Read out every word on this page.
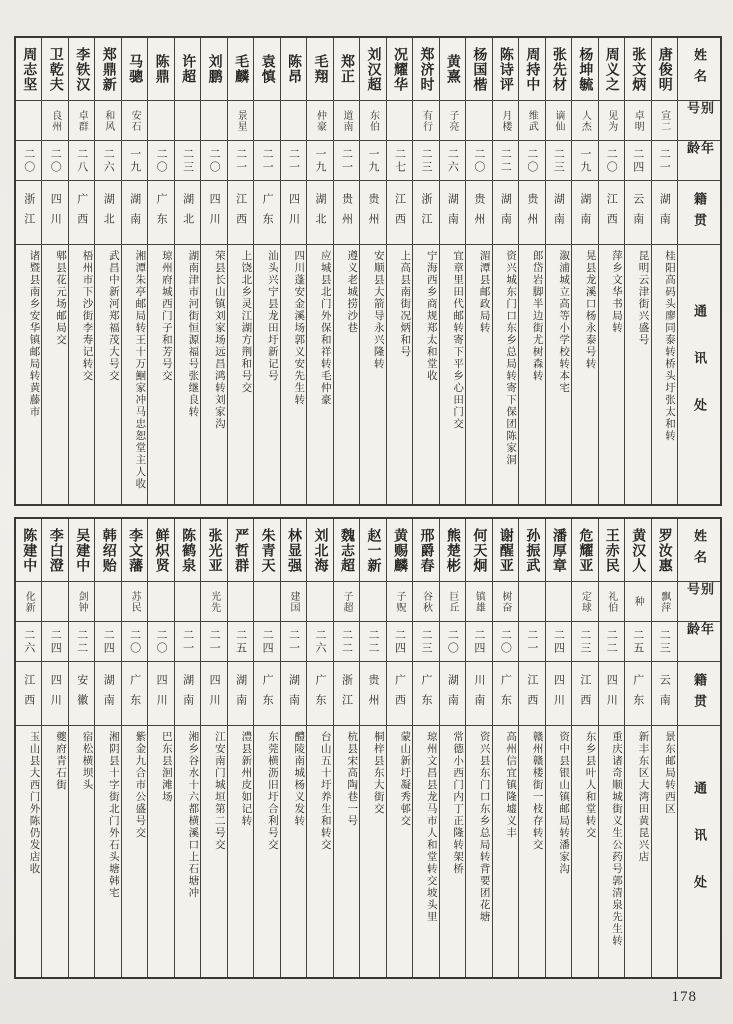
姓名
别号
年龄
籍贯
通讯处
唐俊明
宣二
二一
湖南
桂阳高码头廖同泰转桥头圩张太和转
张文炳
卓明
二四
云南
昆明云津街兴盛号
周义之
见为
二〇
江西
萍乡文华书局转
杨坤毓
人杰
一九
湖南
晃县龙溪口杨永泰号转
张先材
谪仙
二三
湖南
溆浦城立高等小学校转本宅
周持中
维武
二〇
贵州
郎岱岩脚半边街尤树森转
陈诗评
月楼
二二
湖南
资兴城东门口东乡总局转寄下保团陈家洞
杨国楷
二〇
贵州
湄潭县邮政局转
黄熹
子亮
二六
湖南
宜章里田代邮转寄下平乡心田门交
郑济时
有行
二三
浙江
宁海西乡商规郑太和堂收
况耀华
二七
江西
上高县南街况炳和号
刘汉超
东伯
一九
贵州
安顺县大箭导永兴隆转
郑正
道南
二一
贵州
遵义老城捞沙巷
毛翔
仲豪
一九
湖北
应城县北门外保和祥转毛仲豪
陈昂
二一
四川
四川蓬安金溪场郭义安先生转
袁慎
二一
广东
汕头兴宁县龙田圩新记号
毛麟
景星
二一
江西
上饶北乡灵江湖方荆和号交
刘鹏
二〇
四川
荣县长山镇刘家场远昌鸿转刘家沟
许超
二三
湖北
湖南津市河街恒源福号张继良转
陈鼎
二〇
广东
琼州府城西门子和芳号交
马骢
安石
一九
湖南
湘潭朱亭邮局转王十万鮰家冲马忠恕堂主人收
郑鼎新
和风
二六
湖北
武昌中新河郑福茂大号交
李铁汉
卓群
二八
广西
梧州市下沙街李寿记转交
卫乾夫
良州
二〇
四川
郫县花元场邮局交
周志坚
二〇
浙江
诸暨县南乡安华镇邮局转黄藤市
姓名
别号
年龄
籍贯
通讯处
罗汝惠
飘萍
二三
云南
景东邮局转西区
黄汉人
种
二五
广东
新丰东区大湾田黄昆兴店
王赤民
礼伯
二二
四川
重庆诸奇顺城街义生公药号郭清泉先生转
危耀亚
定球
二三
江西
东乡县叶人和堂转交
潘厚章
二四
四川
资中县银山镇邮局转潘家沟
孙振武
二一
江西
赣州赣楼街一枝存转交
谢醒亚
树奋
二〇
广东
高州信宜镇隆墟义丰
何天炯
镇雄
二四
川南
资兴县东门口东乡总局转背要团花塘
熊楚彬
巨丘
二〇
湖南
常德小西门内丁正隆转架桥
邢爵春
谷秋
二三
广东
琼州文昌县龙马市人和堂转交坡头里
黄赐麟
子贶
二四
广西
蒙山新圩凝秀邨交
赵一新
二二
贵州
桐梓县东大街交
魏志超
子超
二二
浙江
杭县宋高陶巷一号
刘北海
二六
广东
台山五十圩养生和转交
林显强
建国
二一
湖南
醴陵南城杨义发转
朱青天
二四
广东
东莞横沥旧圩合利号交
严哲群
二五
湖南
澧县新州皮如记转
张光亚
光先
二一
四川
江安南门城垣第二号交
陈鹤泉
二一
湖南
湘乡谷水十六都横溪口上石塘冲
鲜炽贤
二〇
四川
巴东县洄滩场
李文藩
苏民
二〇
广东
紫金九合市公盛号交
韩绍贻
二四
湖南
湘阴县十字街北门外石头塘韩宅
吴建中
剑钟
二二
安徽
宿松横坝头
李白澄
二四
四川
夔府青石街
陈建中
化新
二六
江西
玉山县大西门外陈仍发店收
178
